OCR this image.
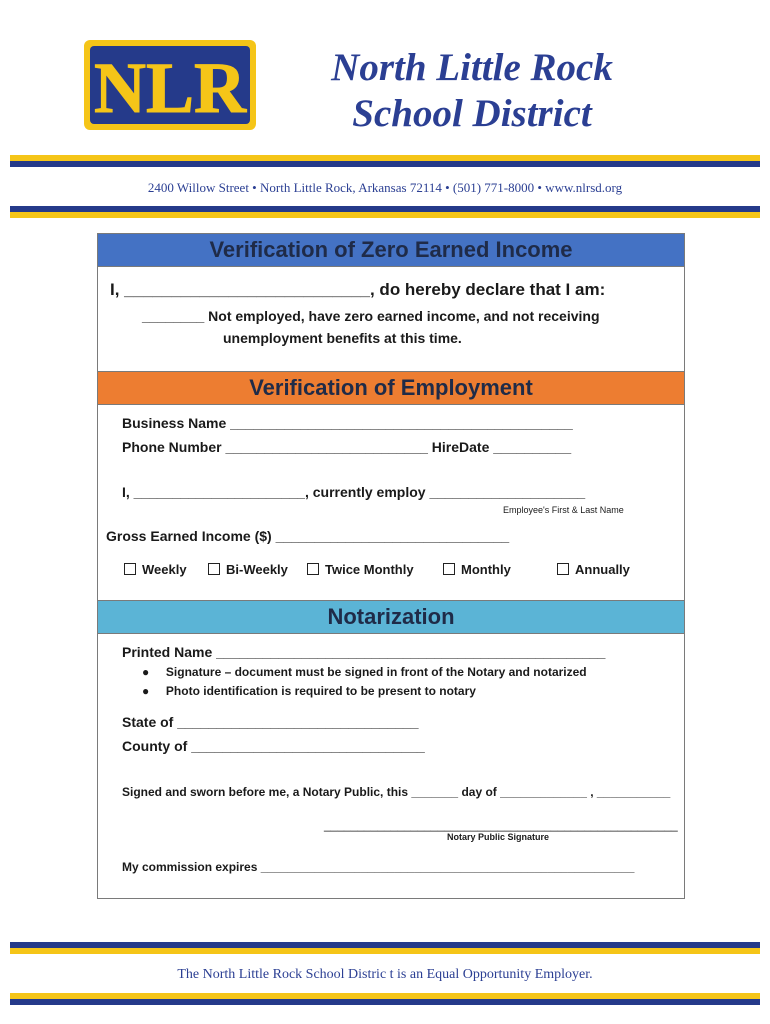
NLR	North Little Rock
School District
2400 Willow Street • North Little Rock, Arkansas 72114 • (501) 771-8000 • www.nlrsd.org
Verification of Zero Earned Income
I, __________________________, do hereby declare that I am:
________ Not employed, have zero earned income, and not receiving
unemployment benefits at this time.
Verification of Employment
Business Name ____________________________________________
Phone Number __________________________ HireDate __________
I, ______________________, currently employ ____________________
Employee's First & Last Name
Gross Earned Income ($) ______________________________
Weekly	Bi-Weekly	Twice Monthly	Monthly	Annually
Notarization
Printed Name __________________________________________________
●     Signature – document must be signed in front of the Notary and notarized
●     Photo identification is required to be present to notary
State of _______________________________
County of ______________________________
Signed and sworn before me, a Notary Public, this _______ day of _____________ , ___________
_____________________________________________________
Notary Public Signature
My commission expires ________________________________________________________
The North Little Rock School Distric t is an Equal Opportunity Employer.
